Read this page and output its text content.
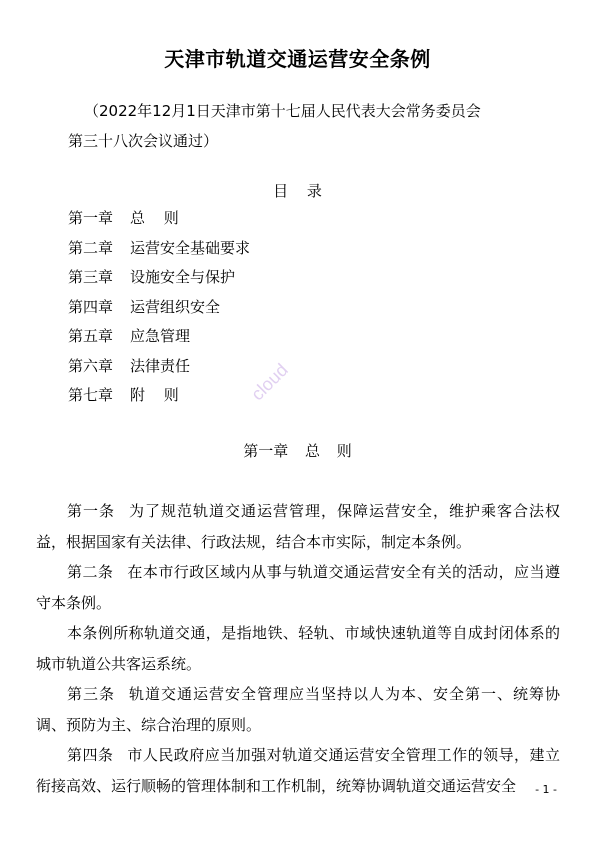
天津市轨道交通运营安全条例
（2022年12月1日天津市第十七届人民代表大会常务委员会
第三十八次会议通过）
目 录
第一章 总 则
第二章 运营安全基础要求
第三章 设施安全与保护
第四章 运营组织安全
第五章 应急管理
第六章 法律责任
第七章 附 则	cloud
第一章 总 则

第一条 为了规范轨道交通运营管理，保障运营安全，维护乘客合法权益，根据国家有关法律、行政法规，结合本市实际，制定本条例。

第二条 在本市行政区域内从事与轨道交通运营安全有关的活动，应当遵守本条例。

本条例所称轨道交通，是指地铁、轻轨、市域快速轨道等自成封闭体系的城市轨道公共客运系统。

第三条 轨道交通运营安全管理应当坚持以人为本、安全第一、统筹协调、预防为主、综合治理的原则。

第四条 市人民政府应当加强对轨道交通运营安全管理工作的领导，建立衔接高效、运行顺畅的管理体制和工作机制，统筹协调轨道交通运营安全	- 1 -
